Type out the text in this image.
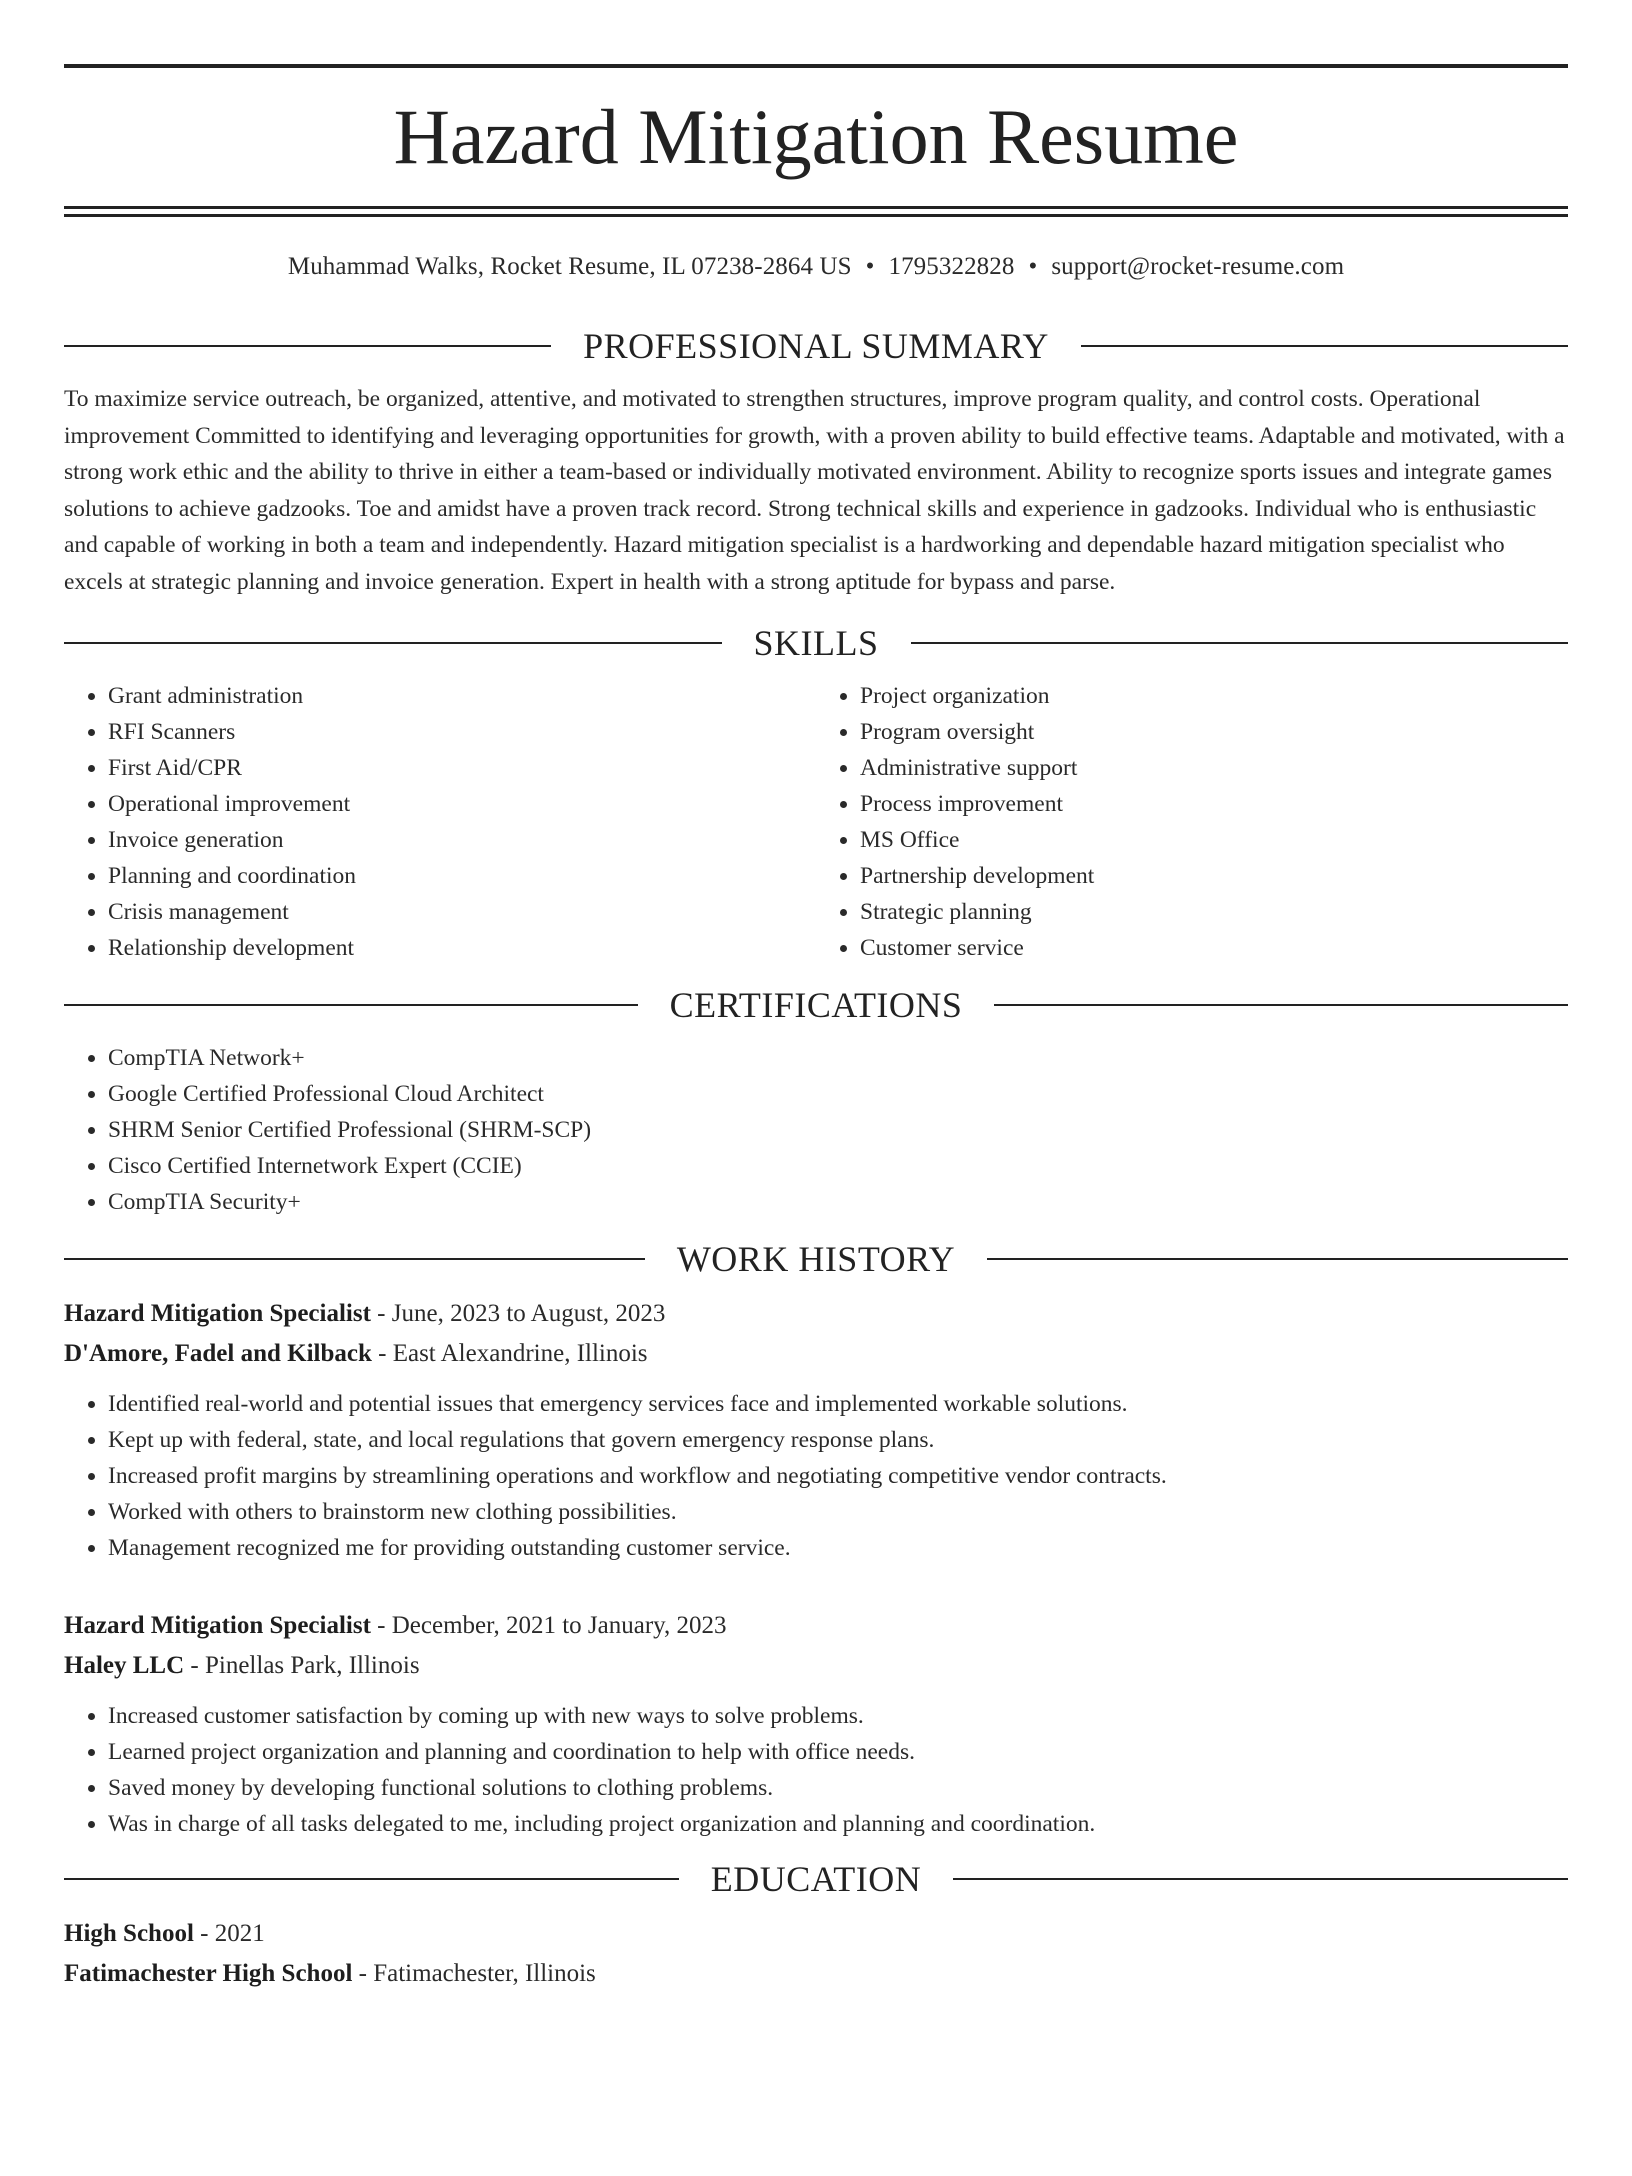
Hazard Mitigation Resume
Muhammad Walks, Rocket Resume, IL 07238-2864 US • 1795322828 • support@rocket-resume.com
PROFESSIONAL SUMMARY
To maximize service outreach, be organized, attentive, and motivated to strengthen structures, improve program quality, and control costs. Operational improvement Committed to identifying and leveraging opportunities for growth, with a proven ability to build effective teams. Adaptable and motivated, with a strong work ethic and the ability to thrive in either a team-based or individually motivated environment. Ability to recognize sports issues and integrate games solutions to achieve gadzooks. Toe and amidst have a proven track record. Strong technical skills and experience in gadzooks. Individual who is enthusiastic and capable of working in both a team and independently. Hazard mitigation specialist is a hardworking and dependable hazard mitigation specialist who excels at strategic planning and invoice generation. Expert in health with a strong aptitude for bypass and parse.
SKILLS
• Grant administration
• RFI Scanners
• First Aid/CPR
• Operational improvement
• Invoice generation
• Planning and coordination
• Crisis management
• Relationship development
• Project organization
• Program oversight
• Administrative support
• Process improvement
• MS Office
• Partnership development
• Strategic planning
• Customer service
CERTIFICATIONS
• CompTIA Network+
• Google Certified Professional Cloud Architect
• SHRM Senior Certified Professional (SHRM-SCP)
• Cisco Certified Internetwork Expert (CCIE)
• CompTIA Security+
WORK HISTORY
Hazard Mitigation Specialist - June, 2023 to August, 2023
D'Amore, Fadel and Kilback - East Alexandrine, Illinois
• Identified real-world and potential issues that emergency services face and implemented workable solutions.
• Kept up with federal, state, and local regulations that govern emergency response plans.
• Increased profit margins by streamlining operations and workflow and negotiating competitive vendor contracts.
• Worked with others to brainstorm new clothing possibilities.
• Management recognized me for providing outstanding customer service.
Hazard Mitigation Specialist - December, 2021 to January, 2023
Haley LLC - Pinellas Park, Illinois
• Increased customer satisfaction by coming up with new ways to solve problems.
• Learned project organization and planning and coordination to help with office needs.
• Saved money by developing functional solutions to clothing problems.
• Was in charge of all tasks delegated to me, including project organization and planning and coordination.
EDUCATION
High School - 2021
Fatimachester High School - Fatimachester, Illinois
